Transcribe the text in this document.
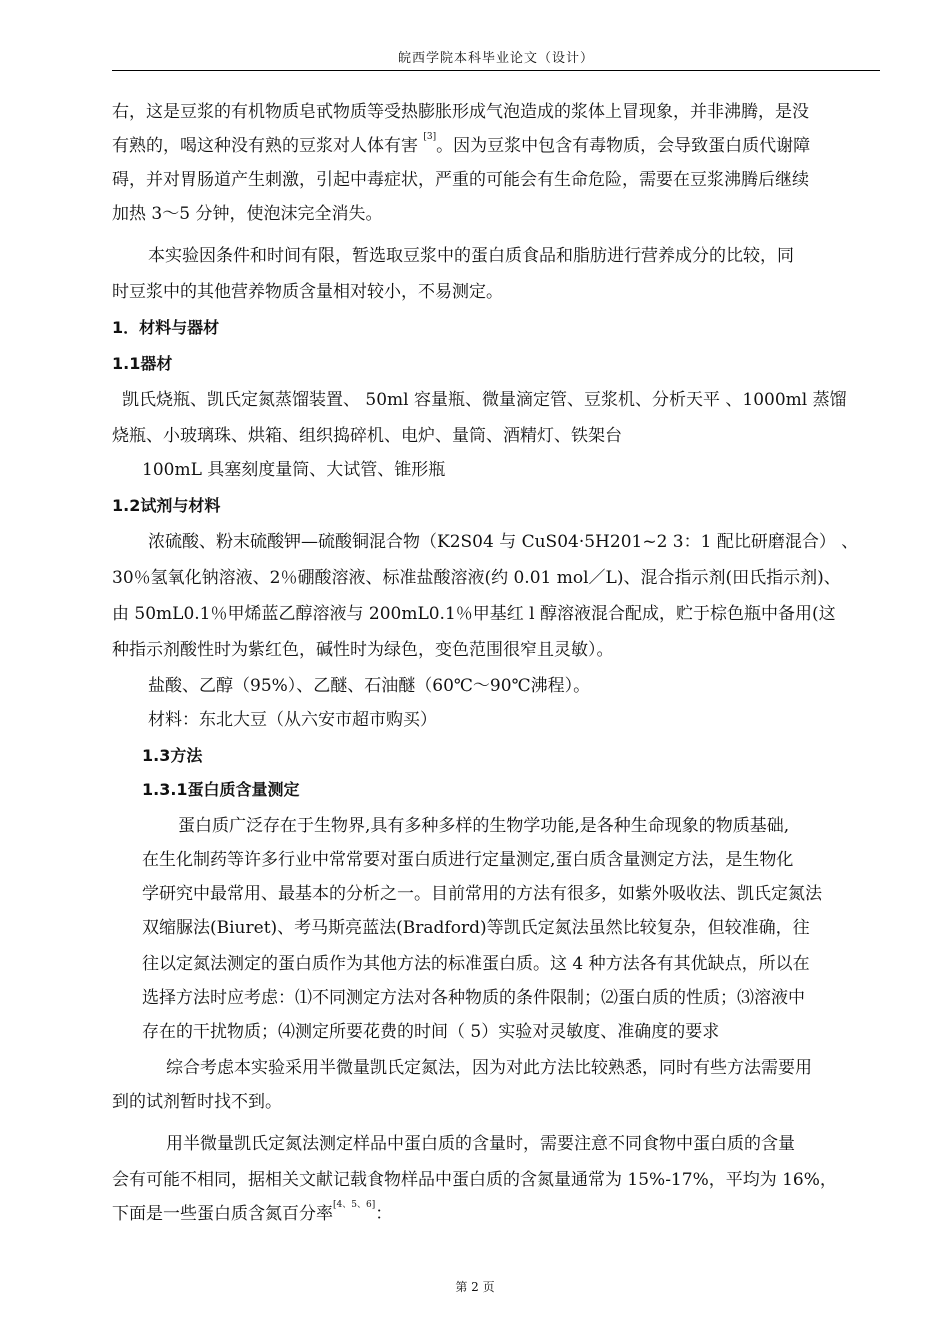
皖西学院本科毕业论文（设计）
右，这是豆浆的有机物质皂甙物质等受热膨胀形成气泡造成的浆体上冒现象，并非沸腾，是没
有熟的，喝这种没有熟的豆浆对人体有害 [3]。因为豆浆中包含有毒物质，会导致蛋白质代谢障
碍，并对胃肠道产生刺激，引起中毒症状，严重的可能会有生命危险，需要在豆浆沸腾后继续
加热 3～5 分钟，使泡沫完全消失。
本实验因条件和时间有限，暂选取豆浆中的蛋白质食品和脂肪进行营养成分的比较，同
时豆浆中的其他营养物质含量相对较小，不易测定。
1．材料与器材
1.1器材
凯氏烧瓶、凯氏定氮蒸馏装置、 50ml 容量瓶、微量滴定管、豆浆机、分析天平 、1000ml 蒸馏
烧瓶、小玻璃珠、烘箱、组织捣碎机、电炉、量筒、酒精灯、铁架台
100mL 具塞刻度量筒、大试管、锥形瓶
1.2试剂与材料
浓硫酸、粉末硫酸钾—硫酸铜混合物（K2S04 与 CuS04·5H201~2 3：1 配比研磨混合） 、
30％氢氧化钠溶液、2％硼酸溶液、标准盐酸溶液(约 0.01 mol／L)、混合指示剂(田氏指示剂)、
由 50mL0.1％甲烯蓝乙醇溶液与 200mL0.1％甲基红 l 醇溶液混合配成，贮于棕色瓶中备用(这
种指示剂酸性时为紫红色，碱性时为绿色，变色范围很窄且灵敏）。
盐酸、乙醇（95%）、乙醚、石油醚（60℃～90℃沸程）。
材料：东北大豆（从六安市超市购买）
1.3方法
1.3.1蛋白质含量测定
蛋白质广泛存在于生物界,具有多种多样的生物学功能,是各种生命现象的物质基础,
在生化制药等许多行业中常常要对蛋白质进行定量测定,蛋白质含量测定方法，是生物化
学研究中最常用、最基本的分析之一。目前常用的方法有很多，如紫外吸收法、凯氏定氮法
双缩脲法(Biuret)、考马斯亮蓝法(Bradford)等凯氏定氮法虽然比较复杂，但较准确，往
往以定氮法测定的蛋白质作为其他方法的标准蛋白质。这 4 种方法各有其优缺点，所以在
选择方法时应考虑：⑴不同测定方法对各种物质的条件限制；⑵蛋白质的性质；⑶溶液中
存在的干扰物质；⑷测定所要花费的时间（ 5）实验对灵敏度、准确度的要求
综合考虑本实验采用半微量凯氏定氮法，因为对此方法比较熟悉，同时有些方法需要用
到的试剂暂时找不到。
用半微量凯氏定氮法测定样品中蛋白质的含量时，需要注意不同食物中蛋白质的含量
会有可能不相同，据相关文献记载食物样品中蛋白质的含氮量通常为 15%-17%，平均为 16%，
下面是一些蛋白质含氮百分率[4、5、6]：
第 2 页
